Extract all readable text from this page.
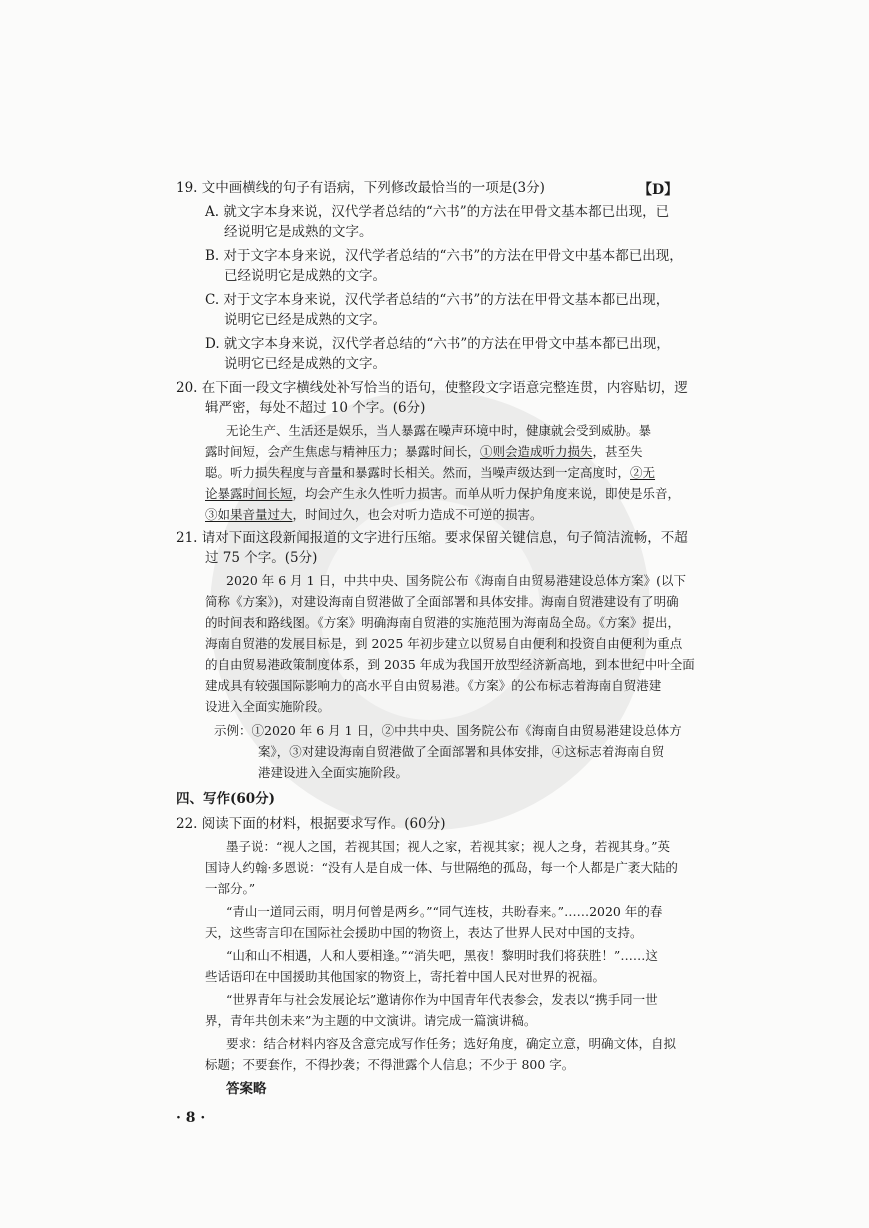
19. 文中画横线的句子有语病，下列修改最恰当的一项是(3分)	【D】
A. 就文字本身来说，汉代学者总结的“六书”的方法在甲骨文基本都已出现，已
经说明它是成熟的文字。
B. 对于文字本身来说，汉代学者总结的“六书”的方法在甲骨文中基本都已出现，
已经说明它是成熟的文字。
C. 对于文字本身来说，汉代学者总结的“六书”的方法在甲骨文基本都已出现，
说明它已经是成熟的文字。
D. 就文字本身来说，汉代学者总结的“六书”的方法在甲骨文中基本都已出现，
说明它已经是成熟的文字。
20. 在下面一段文字横线处补写恰当的语句，使整段文字语意完整连贯，内容贴切，逻
辑严密，每处不超过 10 个字。(6分)
无论生产、生活还是娱乐，当人暴露在噪声环境中时，健康就会受到威胁。暴
露时间短，会产生焦虑与精神压力；暴露时间长，①则会造成听力损失，甚至失
聪。听力损失程度与音量和暴露时长相关。然而，当噪声级达到一定高度时，②无
论暴露时间长短，均会产生永久性听力损害。而单从听力保护角度来说，即使是乐音，
③如果音量过大，时间过久，也会对听力造成不可逆的损害。
21. 请对下面这段新闻报道的文字进行压缩。要求保留关键信息，句子简洁流畅，不超
过 75 个字。(5分)
2020 年 6 月 1 日，中共中央、国务院公布《海南自由贸易港建设总体方案》(以下
简称《方案》)，对建设海南自贸港做了全面部署和具体安排。海南自贸港建设有了明确
的时间表和路线图。《方案》明确海南自贸港的实施范围为海南岛全岛。《方案》提出，
海南自贸港的发展目标是，到 2025 年初步建立以贸易自由便利和投资自由便利为重点
的自由贸易港政策制度体系，到 2035 年成为我国开放型经济新高地，到本世纪中叶全面
建成具有较强国际影响力的高水平自由贸易港。《方案》的公布标志着海南自贸港建
设进入全面实施阶段。
示例：①2020 年 6 月 1 日，②中共中央、国务院公布《海南自由贸易港建设总体方
案》，③对建设海南自贸港做了全面部署和具体安排，④这标志着海南自贸
港建设进入全面实施阶段。
四、写作(60分)
22. 阅读下面的材料，根据要求写作。(60分)
墨子说：“视人之国，若视其国；视人之家，若视其家；视人之身，若视其身。”英
国诗人约翰·多恩说：“没有人是自成一体、与世隔绝的孤岛，每一个人都是广袤大陆的
一部分。”
“青山一道同云雨，明月何曾是两乡。”“同气连枝，共盼春来。”……2020 年的春
天，这些寄言印在国际社会援助中国的物资上，表达了世界人民对中国的支持。
“山和山不相遇，人和人要相逢。”“消失吧，黑夜！黎明时我们将获胜！”……这
些话语印在中国援助其他国家的物资上，寄托着中国人民对世界的祝福。
“世界青年与社会发展论坛”邀请你作为中国青年代表参会，发表以“携手同一世
界，青年共创未来”为主题的中文演讲。请完成一篇演讲稿。
要求：结合材料内容及含意完成写作任务；选好角度，确定立意，明确文体，自拟
标题；不要套作，不得抄袭；不得泄露个人信息；不少于 800 字。
答案略
· 8 ·
